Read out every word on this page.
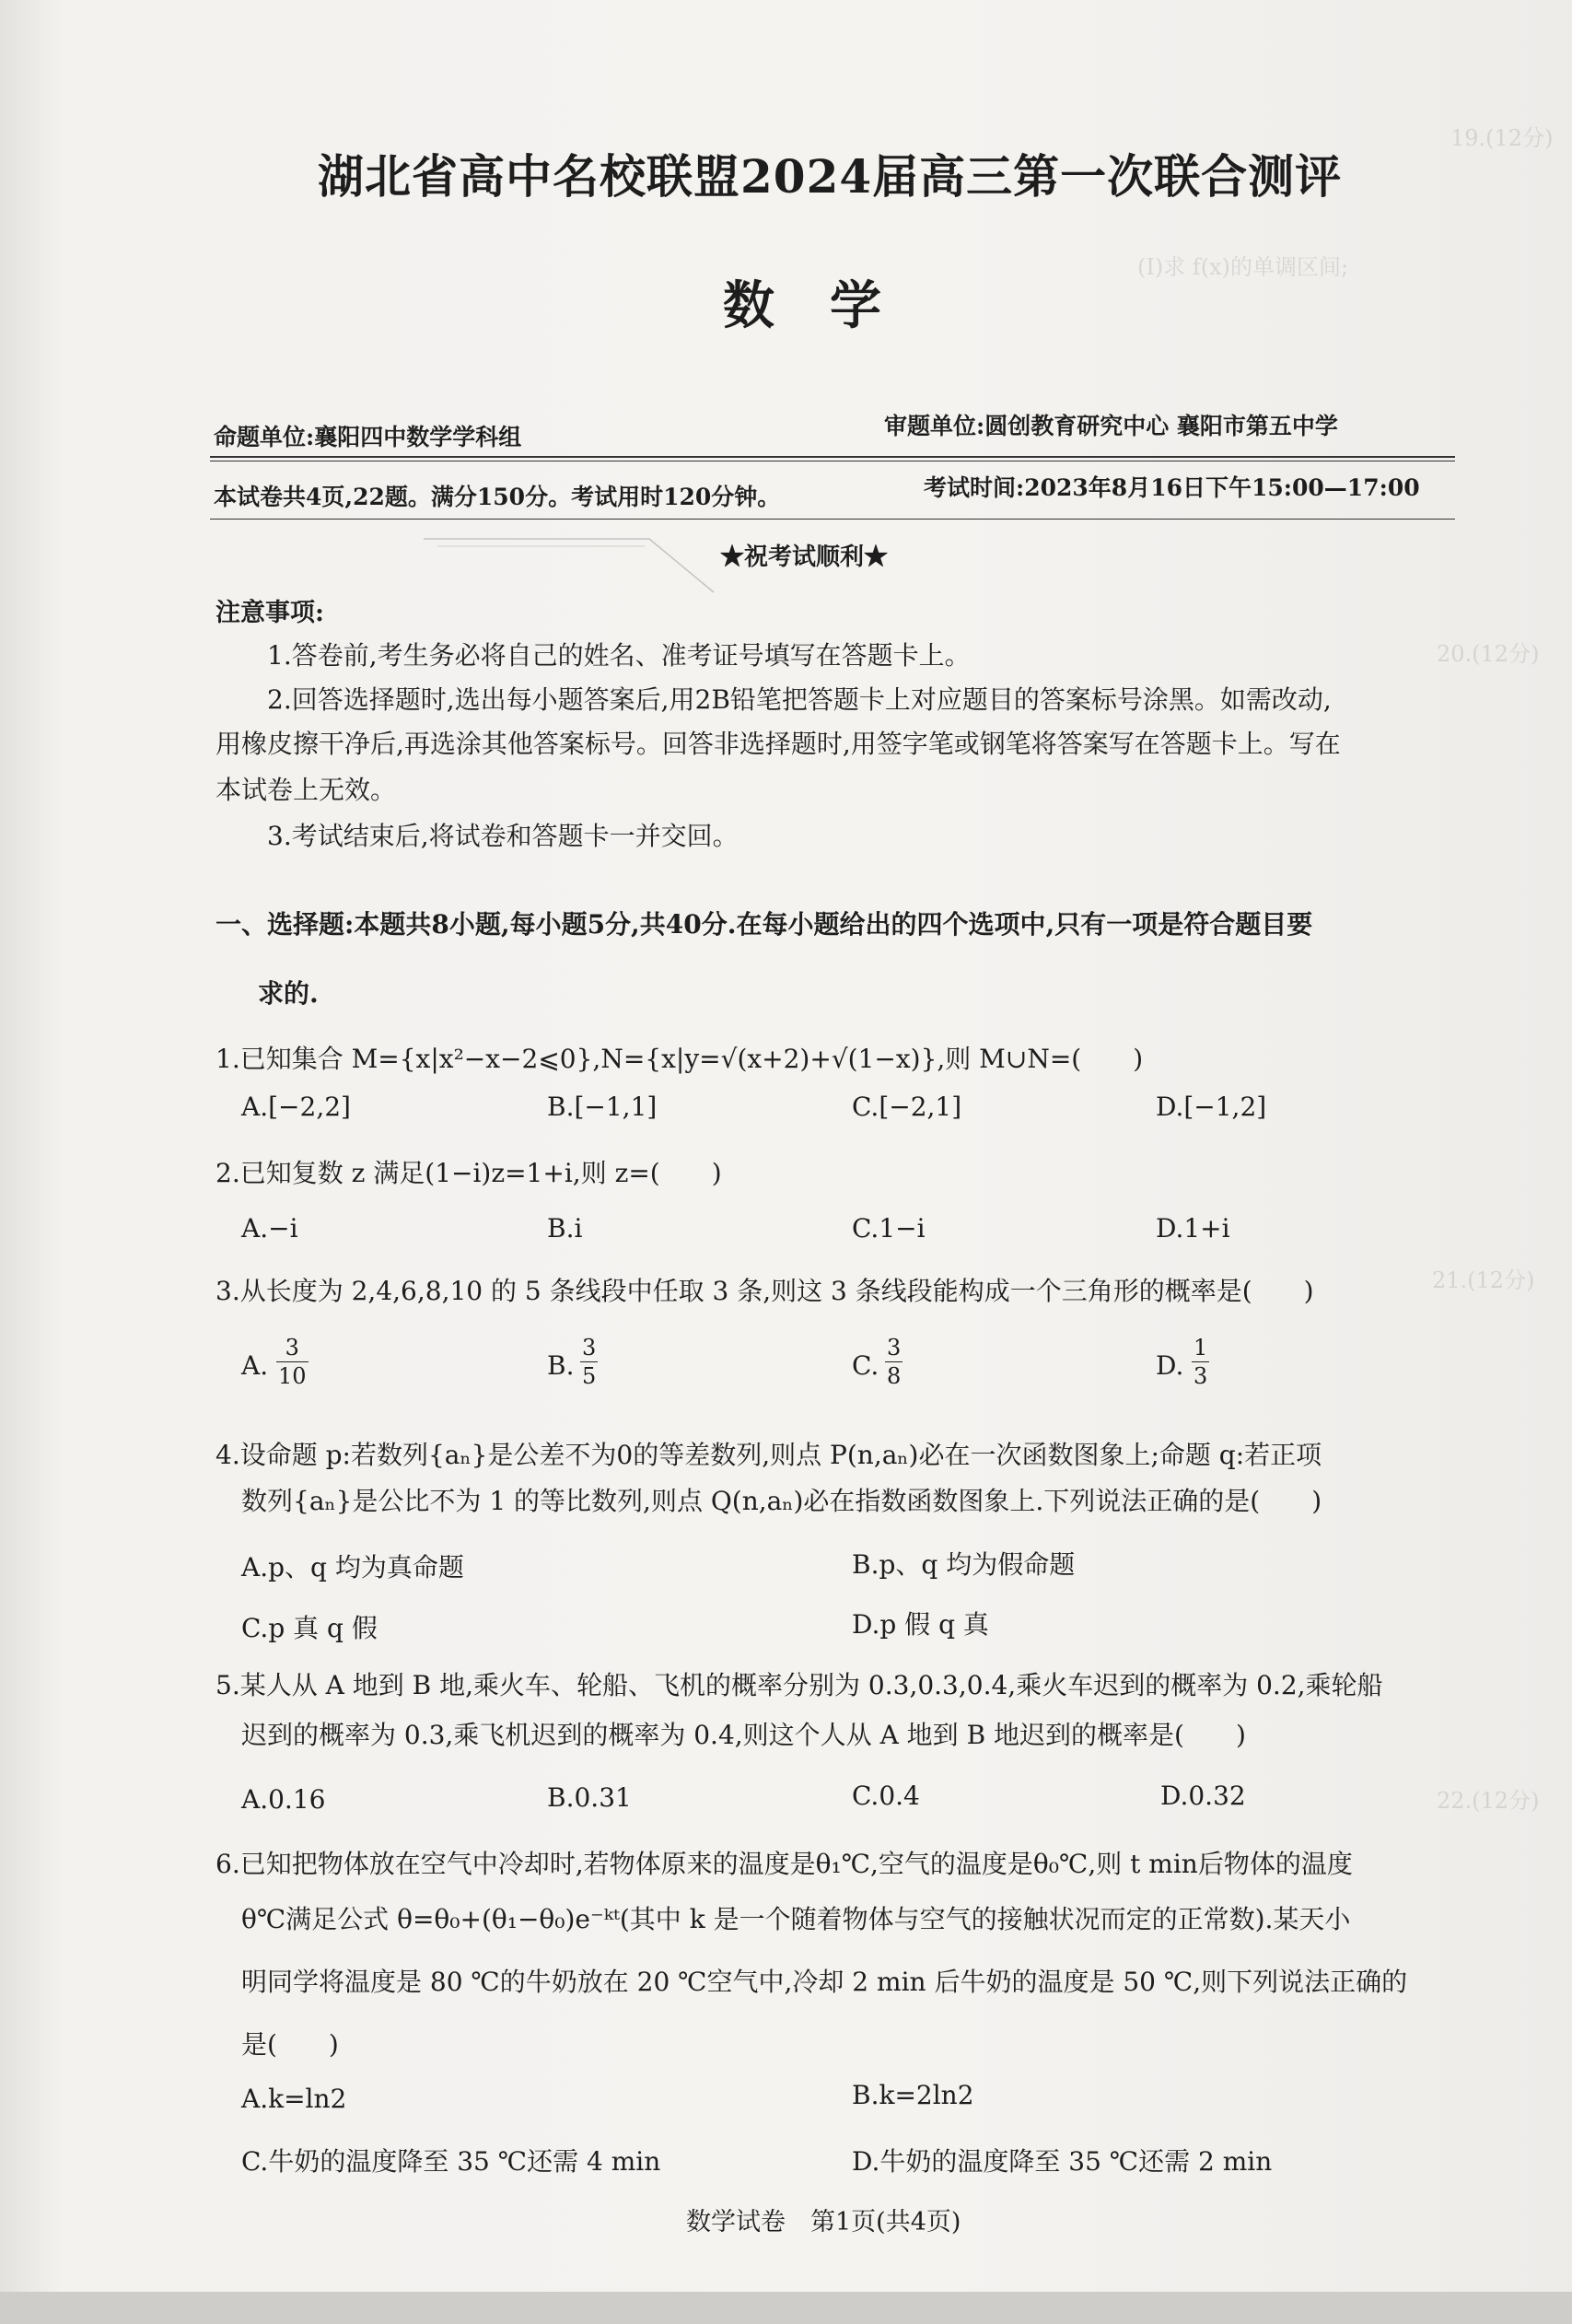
19.(12分)
(Ⅰ)求 f(x)的单调区间;
20.(12分)
21.(12分)
22.(12分)
湖北省高中名校联盟2024届高三第一次联合测评
数学
命题单位:襄阳四中数学学科组	审题单位:圆创教育研究中心 襄阳市第五中学
本试卷共4页,22题。满分150分。考试用时120分钟。	考试时间:2023年8月16日下午15:00—17:00
★祝考试顺利★
注意事项:
1.答卷前,考生务必将自己的姓名、准考证号填写在答题卡上。
2.回答选择题时,选出每小题答案后,用2B铅笔把答题卡上对应题目的答案标号涂黑。如需改动,
用橡皮擦干净后,再选涂其他答案标号。回答非选择题时,用签字笔或钢笔将答案写在答题卡上。写在
本试卷上无效。
3.考试结束后,将试卷和答题卡一并交回。
一、选择题:本题共8小题,每小题5分,共40分.在每小题给出的四个选项中,只有一项是符合题目要
求的.
1.已知集合 M={x|x²−x−2⩽0},N={x|y=√(x+2)+√(1−x)},则 M∪N=(　　)
A.[−2,2]	B.[−1,1]	C.[−2,1]	D.[−1,2]
2.已知复数 z 满足(1−i)z=1+i,则 z=(　　)
A.−i	B.i	C.1−i	D.1+i
3.从长度为 2,4,6,8,10 的 5 条线段中任取 3 条,则这 3 条线段能构成一个三角形的概率是(　　)
A. $\frac{3}{10}$	B. $\frac{3}{5}$	C. $\frac{3}{8}$	D. $\frac{1}{3}$
4.设命题 p:若数列{aₙ}是公差不为0的等差数列,则点 P(n,aₙ)必在一次函数图象上;命题 q:若正项
数列{aₙ}是公比不为 1 的等比数列,则点 Q(n,aₙ)必在指数函数图象上.下列说法正确的是(　　)
A.p、q 均为真命题	B.p、q 均为假命题
C.p 真 q 假	D.p 假 q 真
5.某人从 A 地到 B 地,乘火车、轮船、飞机的概率分别为 0.3,0.3,0.4,乘火车迟到的概率为 0.2,乘轮船
迟到的概率为 0.3,乘飞机迟到的概率为 0.4,则这个人从 A 地到 B 地迟到的概率是(　　)
A.0.16	B.0.31	C.0.4	D.0.32
6.已知把物体放在空气中冷却时,若物体原来的温度是θ₁℃,空气的温度是θ₀℃,则 t min后物体的温度
θ℃满足公式 θ=θ₀+(θ₁−θ₀)e⁻ᵏᵗ(其中 k 是一个随着物体与空气的接触状况而定的正常数).某天小
明同学将温度是 80 ℃的牛奶放在 20 ℃空气中,冷却 2 min 后牛奶的温度是 50 ℃,则下列说法正确的
是(　　)
A.k=ln2	B.k=2ln2
C.牛奶的温度降至 35 ℃还需 4 min	D.牛奶的温度降至 35 ℃还需 2 min
数学试卷　第1页(共4页)
